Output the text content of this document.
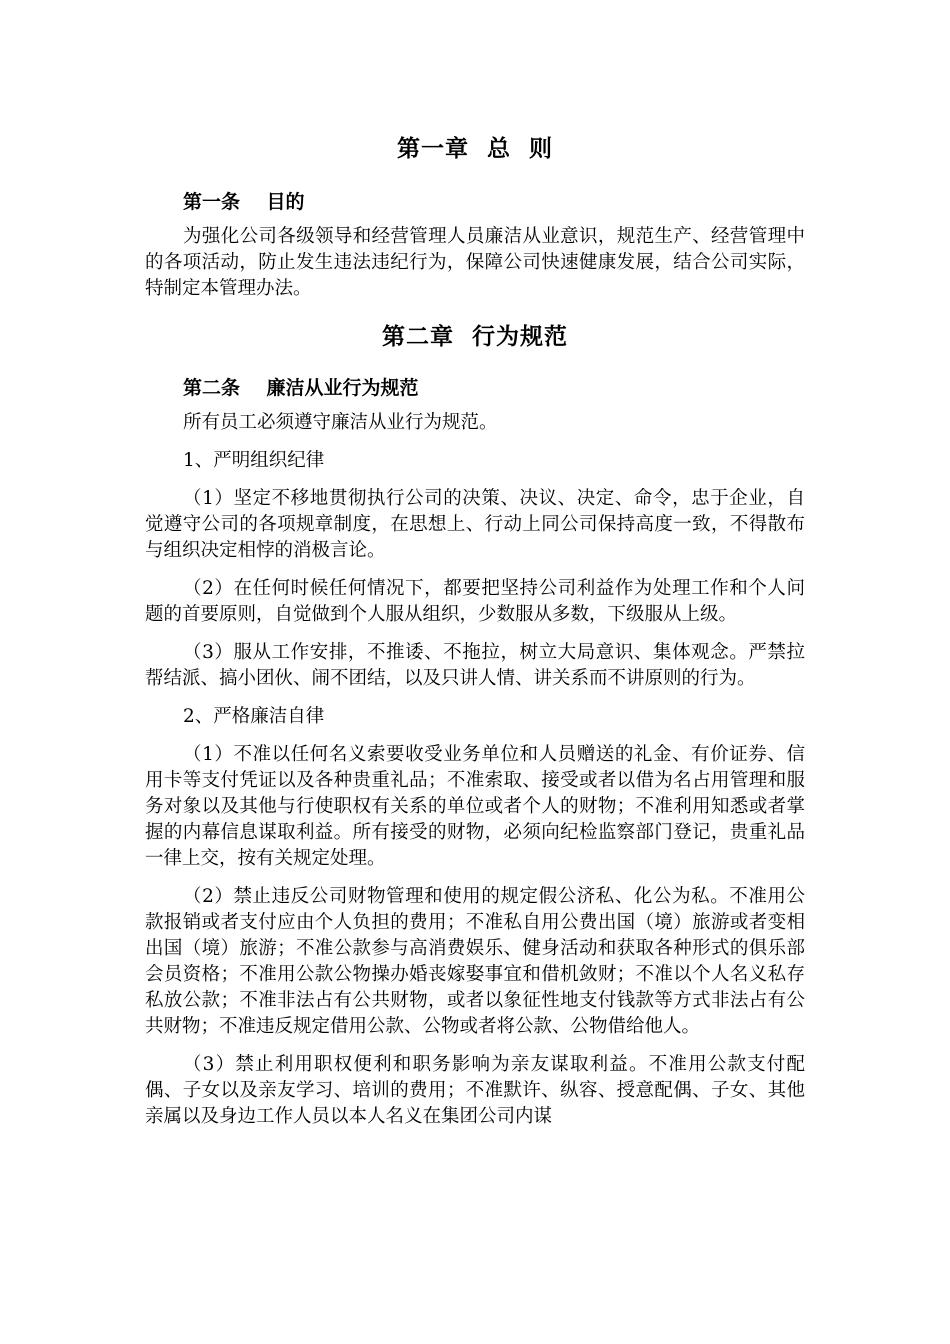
第一章  总  则
第一条    目的

为强化公司各级领导和经营管理人员廉洁从业意识，规范生产、经营管理中的各项活动，防止发生违法违纪行为，保障公司快速健康发展，结合公司实际，特制定本管理办法。

第二章  行为规范
第二条    廉洁从业行为规范

所有员工必须遵守廉洁从业行为规范。

1、严明组织纪律

（1）坚定不移地贯彻执行公司的决策、决议、决定、命令，忠于企业，自觉遵守公司的各项规章制度，在思想上、行动上同公司保持高度一致，不得散布与组织决定相悖的消极言论。

（2）在任何时候任何情况下，都要把坚持公司利益作为处理工作和个人问题的首要原则，自觉做到个人服从组织，少数服从多数，下级服从上级。

（3）服从工作安排，不推诿、不拖拉，树立大局意识、集体观念。严禁拉帮结派、搞小团伙、闹不团结，以及只讲人情、讲关系而不讲原则的行为。

2、严格廉洁自律

（1）不准以任何名义索要收受业务单位和人员赠送的礼金、有价证券、信用卡等支付凭证以及各种贵重礼品；不准索取、接受或者以借为名占用管理和服务对象以及其他与行使职权有关系的单位或者个人的财物；不准利用知悉或者掌握的内幕信息谋取利益。所有接受的财物，必须向纪检监察部门登记，贵重礼品一律上交，按有关规定处理。

（2）禁止违反公司财物管理和使用的规定假公济私、化公为私。不准用公款报销或者支付应由个人负担的费用；不准私自用公费出国（境）旅游或者变相出国（境）旅游；不准公款参与高消费娱乐、健身活动和获取各种形式的俱乐部会员资格；不准用公款公物操办婚丧嫁娶事宜和借机敛财；不准以个人名义私存私放公款；不准非法占有公共财物，或者以象征性地支付钱款等方式非法占有公共财物；不准违反规定借用公款、公物或者将公款、公物借给他人。

（3）禁止利用职权便利和职务影响为亲友谋取利益。不准用公款支付配偶、子女以及亲友学习、培训的费用；不准默许、纵容、授意配偶、子女、其他亲属以及身边工作人员以本人名义在集团公司内谋
